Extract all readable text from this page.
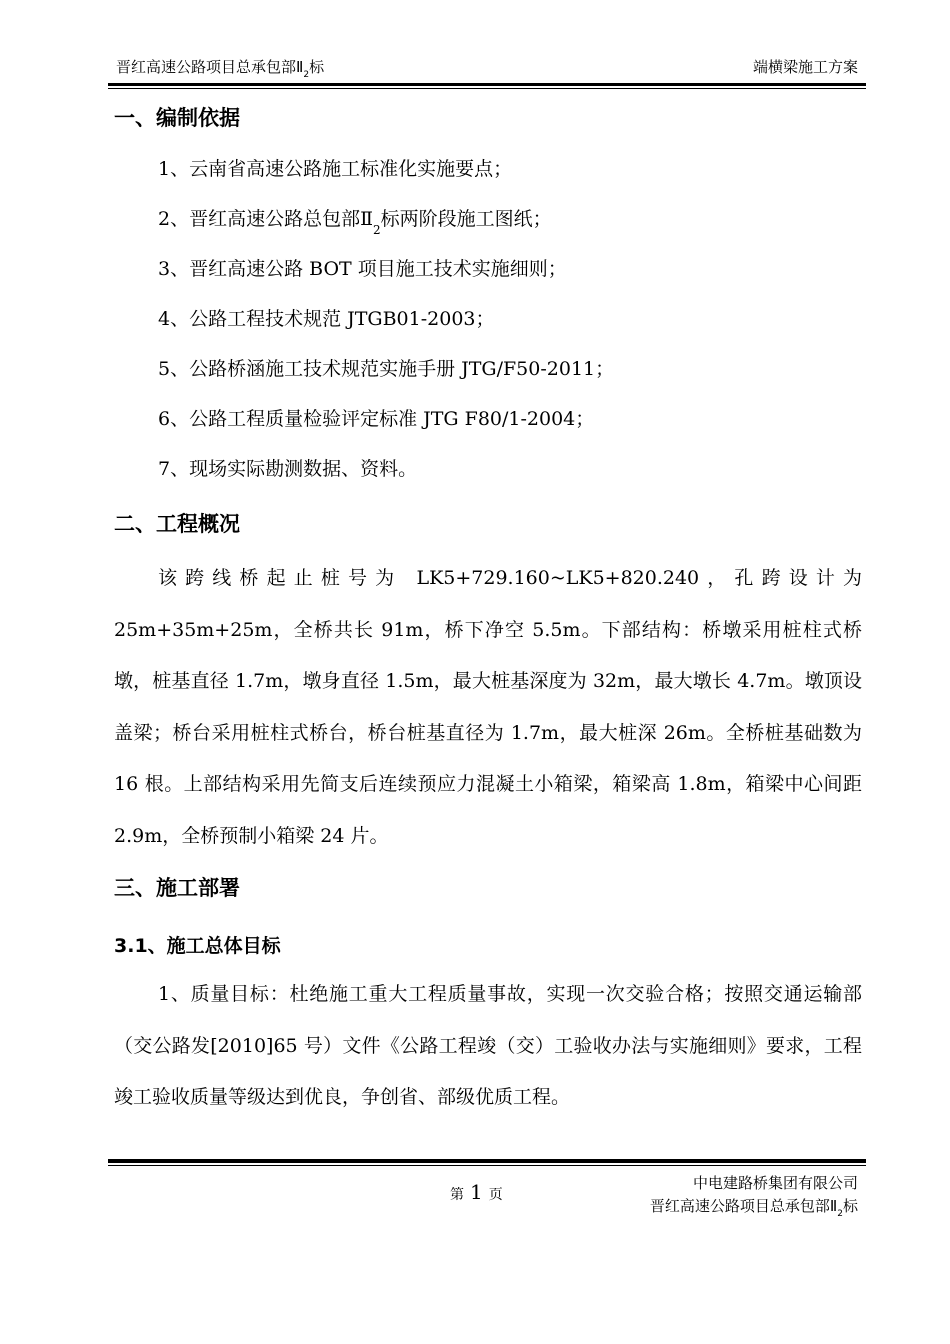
晋红高速公路项目总承包部$Ⅱ_2$标	端横梁施工方案
一、编制依据
1、云南省高速公路施工标准化实施要点；
2、晋红高速公路总包部$Ⅱ_2$标两阶段施工图纸；
3、晋红高速公路 BOT 项目施工技术实施细则；
4、公路工程技术规范 JTGB01-2003；
5、公路桥涵施工技术规范实施手册 JTG/F50-2011；
6、公路工程质量检验评定标准 JTG F80/1-2004；
7、现场实际勘测数据、资料。
二、工程概况
该跨线桥起止桩号为 LK5+729.160~LK5+820.240，孔跨设计为 25m+35m+25m，全桥共长 91m，桥下净空 5.5m。下部结构：桥墩采用桩柱式桥墩，桩基直径 1.7m，墩身直径 1.5m，最大桩基深度为 32m，最大墩长 4.7m。墩顶设盖梁；桥台采用桩柱式桥台，桥台桩基直径为 1.7m，最大桩深 26m。全桥桩基础数为 16 根。上部结构采用先简支后连续预应力混凝土小箱梁，箱梁高 1.8m，箱梁中心间距 2.9m，全桥预制小箱梁 24 片。
三、施工部署
3.1、施工总体目标
1、质量目标：杜绝施工重大工程质量事故，实现一次交验合格；按照交通运输部（交公路发[2010]65 号）文件《公路工程竣（交）工验收办法与实施细则》要求，工程竣工验收质量等级达到优良，争创省、部级优质工程。
第 1 页
中电建路桥集团有限公司
晋红高速公路项目总承包部$Ⅱ_2$标
